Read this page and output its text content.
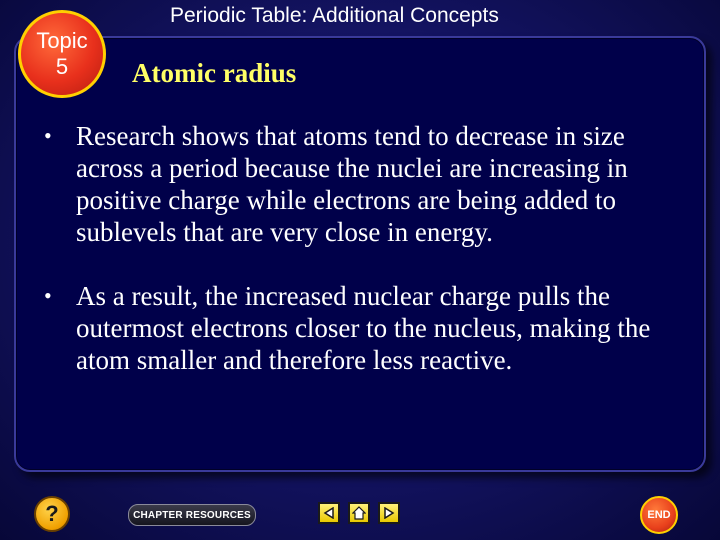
Periodic Table: Additional Concepts
Topic
5 Atomic radius
• Research shows that atoms tend to decrease in size across a period because the nuclei are increasing in positive charge while electrons are being added to sublevels that are very close in energy.
• As a result, the increased nuclear charge pulls the outermost electrons closer to the nucleus, making the atom smaller and therefore less reactive.
?	CHAPTER RESOURCES	END
